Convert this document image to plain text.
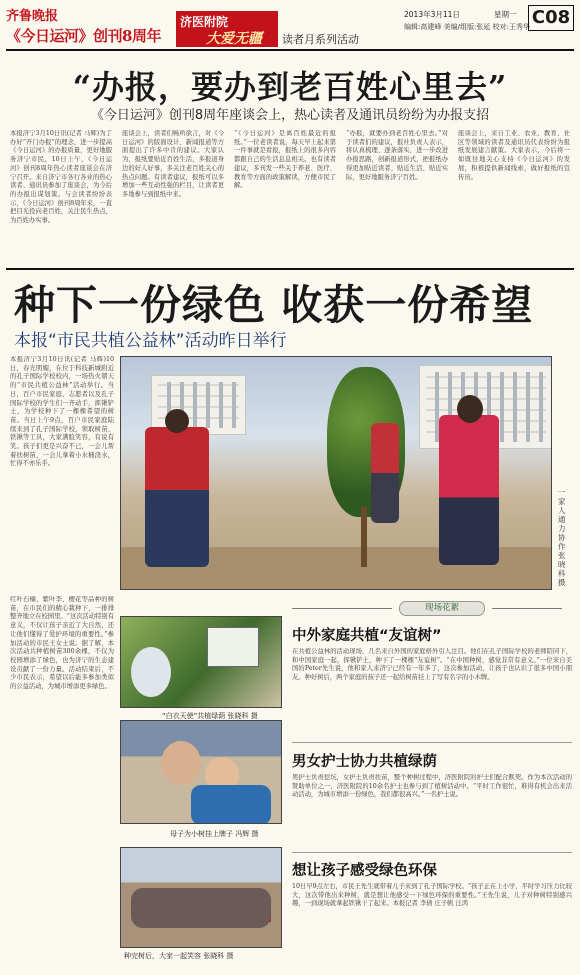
齐鲁晚报
《今日运河》创刊8周年
济医附院
大爱无疆 读者月系列活动
2013年3月11日	星期一
编辑:高建峰 美编/组版:张延 校对:王秀华 C08
“办报，要办到老百姓心里去”
《今日运河》创刊8周年座谈会上，热心读者及通讯员纷纷为办报支招
本报济宁3月10日讯(记者 马辉)为了办好“开门办报”的理念，进一步提高《今日运河》的办报质量，更好地服务济宁市民，10日上午，《今日运河》创刊8周年热心读者座谈会在济宁召开。来自济宁市各行各业的热心读者、通讯员参加了座谈会，为今后的办报出谋划策。与会读者纷纷表示，《今日运河》创刊8周年来，一直把目光投向老百姓，关注民生热点，为百姓办实事。
座谈会上，读者们畅所欲言，对《今日运河》的版面设计、新闻报道等方面提出了许多中肯的建议。大家认为，报纸要贴近百姓生活，多报道身边的好人好事，多关注老百姓关心的热点问题。有读者建议，报纸可以多增加一些互动性强的栏目，让读者更多地参与到报纸中来。
“《今日运河》是离百姓最近的报纸。”一位老读者说，每天早上起来第一件事就是看报，报纸上的很多内容都跟自己的生活息息相关。也有读者建议，多刊发一些关于养老、医疗、教育等方面的政策解读，方便市民了解。
“办报，就要办到老百姓心里去。”对于读者们的建议，报社负责人表示，将认真梳理、逐条落实，进一步改进办报思路，创新报道形式，把报纸办得更加贴近读者、贴近生活、贴近实际，更好地服务济宁百姓。
座谈会上，来自工业、农业、教育、社区等领域的读者及通讯员代表纷纷为报纸发展建言献策。大家表示，今后将一如既往地关心支持《今日运河》的发展，积极提供新闻线索，做好报纸的宣传员。
种下一份绿色 收获一份希望
本报“市民共植公益林”活动昨日举行
本报济宁3月10日讯(记者 马辉)10日，春光明媚，在位于科技新城附近的孔子国际学校校内，一场热火朝天的“市民共植公益林”活动举行。当日，百户市民家庭、志愿者以及孔子国际学校的学生们一齐动手，挥锹铲土，为学校种下了一棵棵希望的树苗。当日上午9点，百户市民家庭陆续来到了孔子国际学校，领取树苗、铁锹等工具，大家满脸笑容，有说有笑。孩子们更是兴奋不已，一会儿帮着扶树苗，一会儿拿着小水桶浇水，忙得不亦乐乎。
一家人通力协作 张晓科 摄
红叶石楠、紫叶李、樱花等品种的树苗，在市民们的精心栽种下，一排排整齐地立在校园里。“这次活动特别有意义，不仅让孩子亲近了大自然，还让他们懂得了爱护环境的重要性。”参加活动的市民王女士说。据了解，本次活动共种植树苗300余棵，不仅为校园增添了绿色，也为济宁的生态建设贡献了一份力量。活动结束后，不少市民表示，希望以后能多参加类似的公益活动，为城市增添更多绿色。
现场花絮
“白衣天使”共植绿荫 张晓科 摄
母子为小树挂上牌子 冯辉 摄
种完树后，大家一起笑容 张晓科 摄
中外家庭共植“友谊树”
在共植公益林的活动现场，几名来自外国的家庭格外引人注目。他们在孔子国际学校的老师陪同下，和中国家庭一起，挥锹铲土，种下了一棵棵“友谊树”。“在中国种树，感觉非常有意义。”一位来自美国的Peter先生说，他和家人来济宁已经有一年多了，这次参加活动，让孩子也认识了很多中国小朋友。种好树后，两个家庭的孩子还一起给树苗挂上了写有名字的小木牌。
男女护士协力共植绿荫
男护士负责挖坑，女护士负责扶苗，整个种树过程中，济医附院的护士们配合默契。作为本次活动的赞助单位之一，济医附院的10余名护士也参与到了植树活动中。“平时工作很忙，难得有机会出来活动活动，为城市增添一份绿色，我们都很高兴。”一名护士说。
想让孩子感受绿色环保
10日早9点左右，市民王先生就带着儿子来到了孔子国际学校。“孩子正在上小学，平时学习压力比较大，这次带他出来种树，就是想让他感受一下绿色环保的重要性。”王先生说，儿子对种树特别感兴趣，一到现场就拿起铁锹干了起来。本报记者 李倩 庄子帆 汪鸿
